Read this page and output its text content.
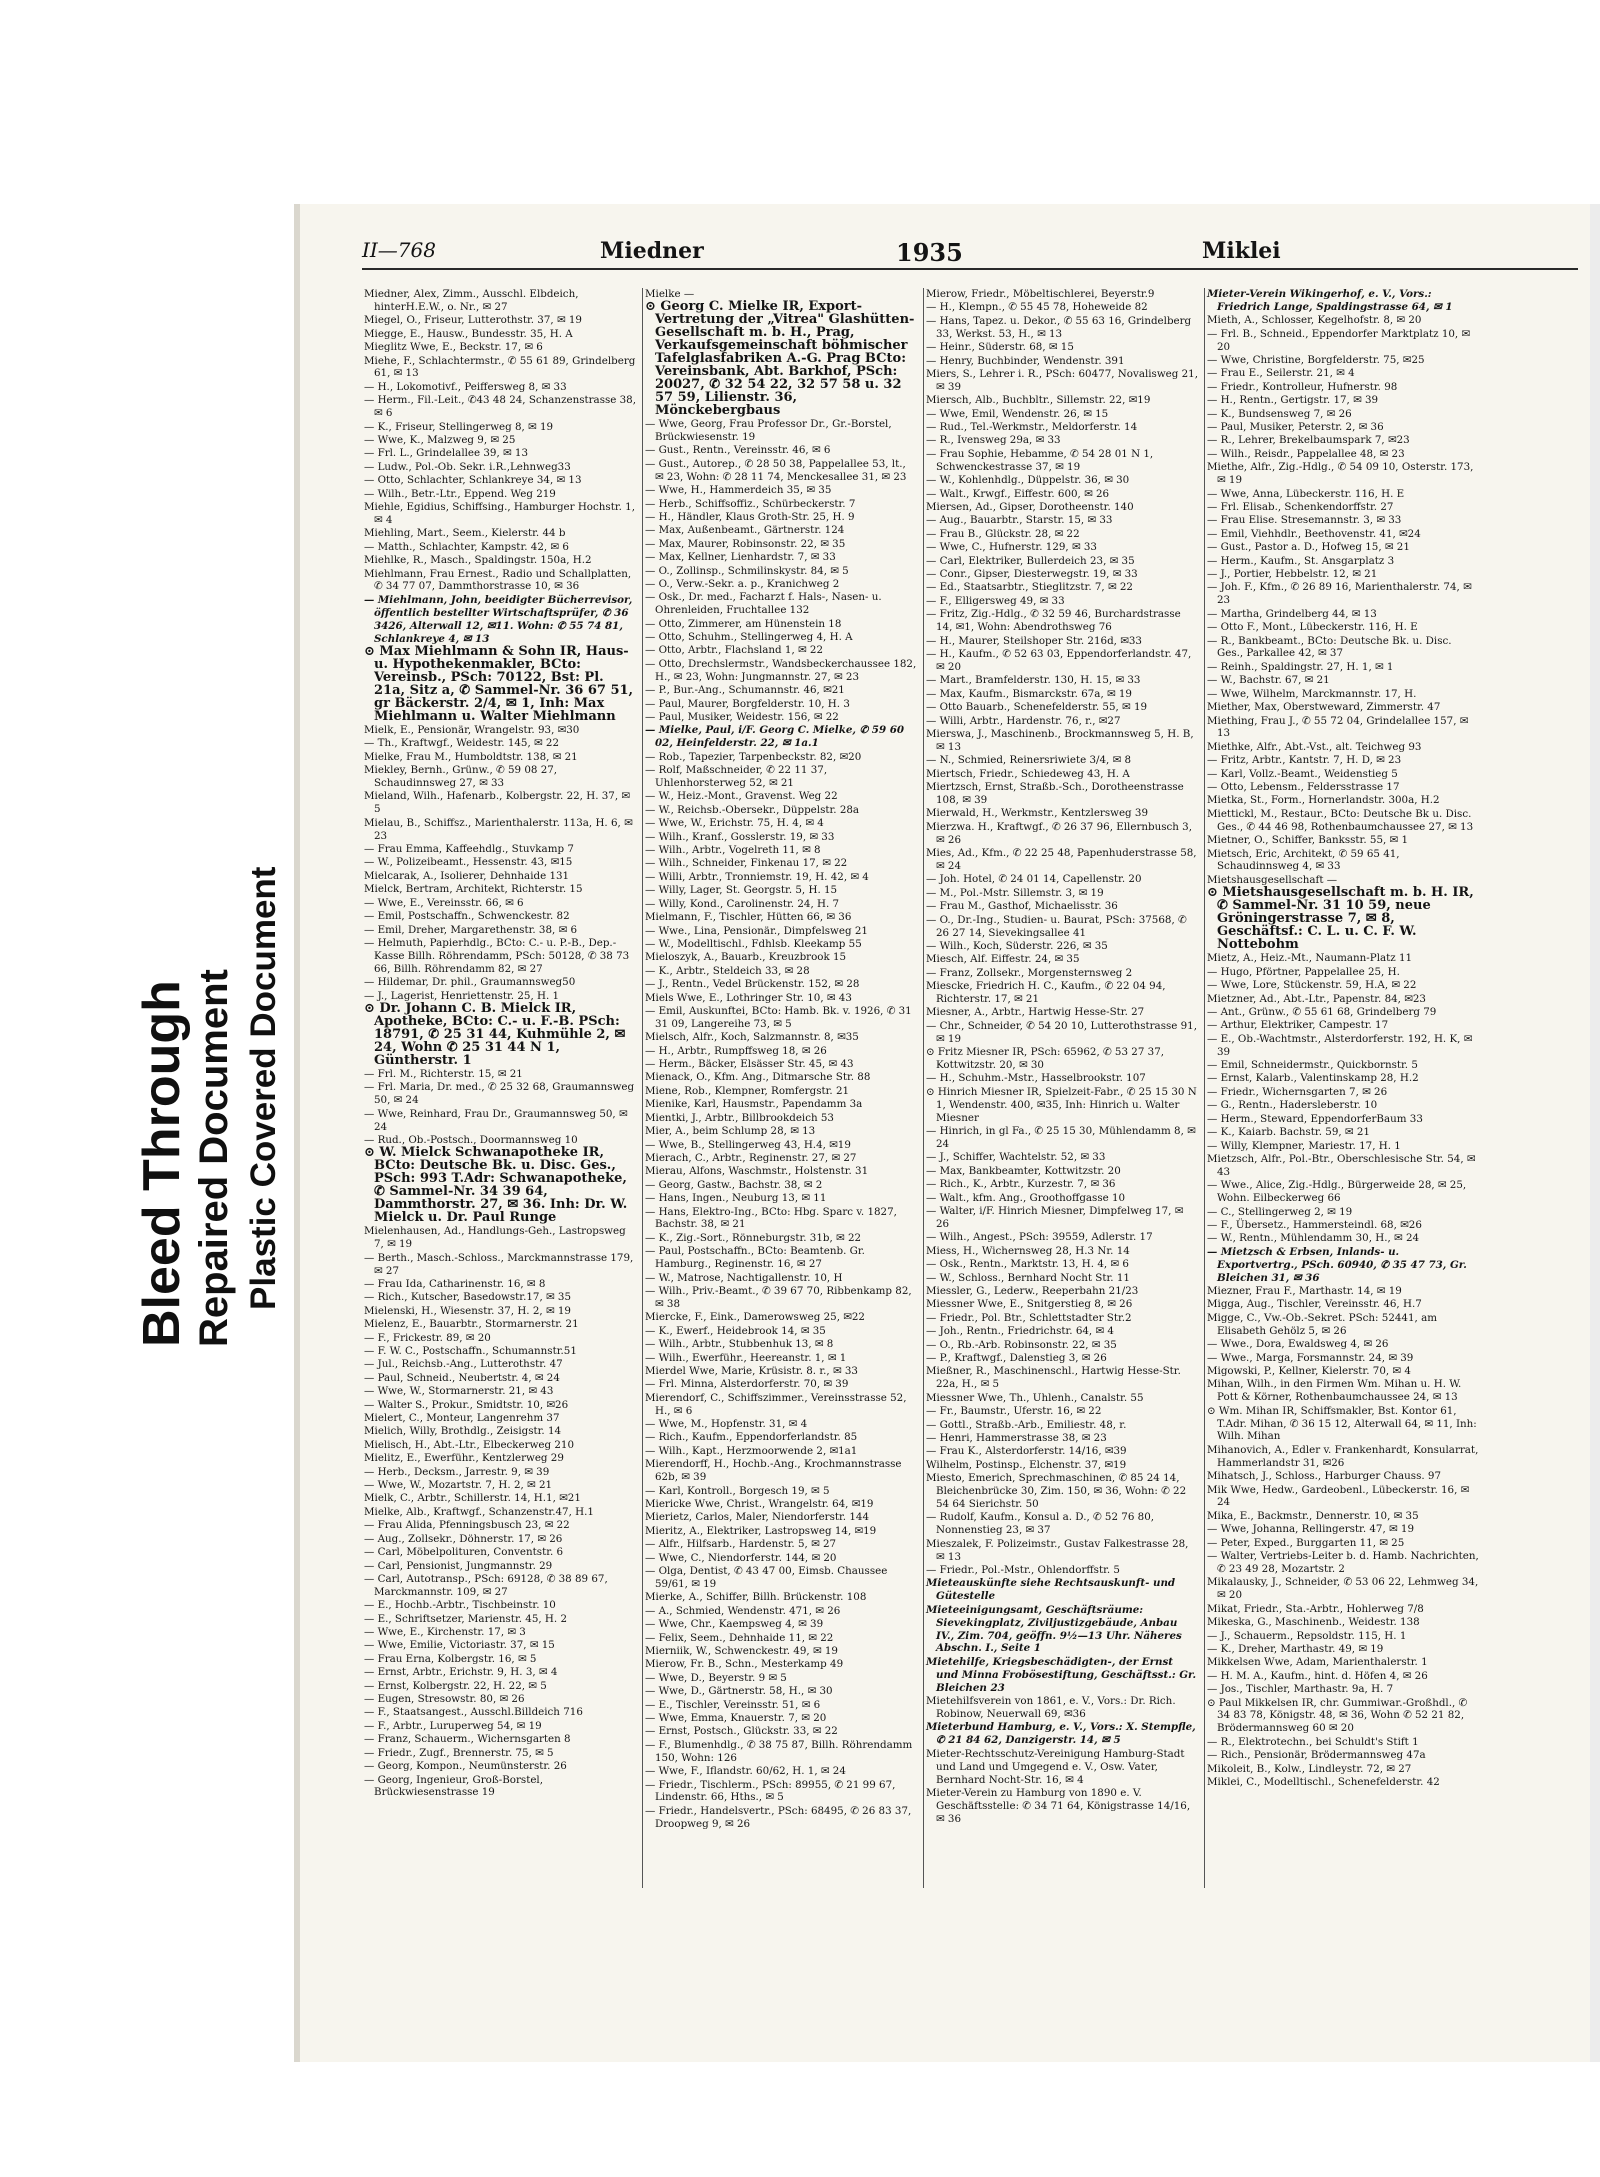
Bleed Through Repaired Document Plastic Covered Document
II—768	Miedner	1935	Miklei
Miedner, Alex, Zimm., Ausschl. Elbdeich, hinterH.E.W., o. Nr., ✉ 27
Miegel, O., Friseur, Lutterothstr. 37, ✉ 19
Miegge, E., Hausw., Bundesstr. 35, H. A
Mieglitz Wwe, E., Beckstr. 17, ✉ 6
Miehe, F., Schlachtermstr., ✆ 55 61 89, Grindelberg 61, ✉ 13
— H., Lokomotivf., Peiffersweg 8, ✉ 33
— Herm., Fil.-Leit., ✆43 48 24, Schanzenstrasse 38, ✉ 6
— K., Friseur, Stellingerweg 8, ✉ 19
— Wwe, K., Malzweg 9, ✉ 25
— Frl. L., Grindelallee 39, ✉ 13
— Ludw., Pol.-Ob. Sekr. i.R.,Lehnweg33
— Otto, Schlachter, Schlankreye 34, ✉ 13
— Wilh., Betr.-Ltr., Eppend. Weg 219
Miehle, Egidius, Schiffsing., Hamburger Hochstr. 1, ✉ 4
Miehling, Mart., Seem., Kielerstr. 44 b
— Matth., Schlachter, Kampstr. 42, ✉ 6
Miehlke, R., Masch., Spaldingstr. 150a, H.2
Miehlmann, Frau Ernest., Radio und Schallplatten, ✆ 34 77 07, Dammthorstrasse 10, ✉ 36
— Miehlmann, John, beeidigter Bücherrevisor, öffentlich bestellter Wirtschaftsprüfer, ✆ 36 3426, Alterwall 12, ✉11. Wohn: ✆ 55 74 81, Schlankreye 4, ✉ 13
⊙ Max Miehlmann & Sohn IR, Haus- u. Hypothekenmakler, BCto: Vereinsb., PSch: 70122, Bst: Pl. 21a, Sitz a, ✆ Sammel-Nr. 36 67 51, gr Bäckerstr. 2/4, ✉ 1, Inh: Max Miehlmann u. Walter Miehlmann
Mielk, E., Pensionär, Wrangelstr. 93, ✉30
— Th., Kraftwgf., Weidestr. 145, ✉ 22
Mielke, Frau M., Humboldtstr. 138, ✉ 21
Miekley, Bernh., Grünw., ✆ 59 08 27, Schaudinnsweg 27, ✉ 33
Mieland, Wilh., Hafenarb., Kolbergstr. 22, H. 37, ✉ 5
Mielau, B., Schiffsz., Marienthalerstr. 113a, H. 6, ✉ 23
— Frau Emma, Kaffeehdlg., Stuvkamp 7
— W., Polizeibeamt., Hessenstr. 43, ✉15
Mielcarak, A., Isolierer, Dehnhaide 131
Mielck, Bertram, Architekt, Richterstr. 15
— Wwe, E., Vereinsstr. 66, ✉ 6
— Emil, Postschaffn., Schwenckestr. 82
— Emil, Dreher, Margarethenstr. 38, ✉ 6
— Helmuth, Papierhdlg., BCto: C.- u. P.-B., Dep.-Kasse Billh. Röhrendamm, PSch: 50128, ✆ 38 73 66, Billh. Röhrendamm 82, ✉ 27
— Hildemar, Dr. phil., Graumannsweg50
— J., Lagerist, Henriettenstr. 25, H. 1
⊙ Dr. Johann C. B. Mielck IR, Apotheke, BCto: C.- u. F.-B. PSch: 18791, ✆ 25 31 44, Kuhmühle 2, ✉ 24, Wohn ✆ 25 31 44 N 1, Güntherstr. 1
— Frl. M., Richterstr. 15, ✉ 21
— Frl. Maria, Dr. med., ✆ 25 32 68, Graumannsweg 50, ✉ 24
— Wwe, Reinhard, Frau Dr., Graumannsweg 50, ✉ 24
— Rud., Ob.-Postsch., Doormannsweg 10
⊙ W. Mielck Schwanapotheke IR, BCto: Deutsche Bk. u. Disc. Ges., PSch: 993 T.Adr: Schwanapotheke, ✆ Sammel-Nr. 34 39 64, Dammthorstr. 27, ✉ 36. Inh: Dr. W. Mielck u. Dr. Paul Runge
Mielenhausen, Ad., Handlungs-Geh., Lastropsweg 7, ✉ 19
— Berth., Masch.-Schloss., Marckmannstrasse 179, ✉ 27
— Frau Ida, Catharinenstr. 16, ✉ 8
— Rich., Kutscher, Basedowstr.17, ✉ 35
Mielenski, H., Wiesenstr. 37, H. 2, ✉ 19
Mielenz, E., Bauarbtr., Stormarnerstr. 21
— F., Frickestr. 89, ✉ 20
— F. W. C., Postschaffn., Schumannstr.51
— Jul., Reichsb.-Ang., Lutterothstr. 47
— Paul, Schneid., Neubertstr. 4, ✉ 24
— Wwe, W., Stormarnerstr. 21, ✉ 43
— Walter S., Prokur., Smidtstr. 10, ✉26
Mielert, C., Monteur, Langenrehm 37
Mielich, Willy, Brothdlg., Zeisigstr. 14
Mielisch, H., Abt.-Ltr., Elbeckerweg 210
Mielitz, E., Ewerführ., Kentzlerweg 29
— Herb., Decksm., Jarrestr. 9, ✉ 39
— Wwe, W., Mozartstr. 7, H. 2, ✉ 21
Mielk, C., Arbtr., Schillerstr. 14, H.1, ✉21
Mielke, Alb., Kraftwgf., Schanzenstr.47, H.1
— Frau Alida, Pfenningsbusch 23, ✉ 22
— Aug., Zollsekr., Döhnerstr. 17, ✉ 26
— Carl, Möbelpolituren, Conventstr. 6
— Carl, Pensionist, Jungmannstr. 29
— Carl, Autotransp., PSch: 69128, ✆ 38 89 67, Marckmannstr. 109, ✉ 27
— E., Hochb.-Arbtr., Tischbeinstr. 10
— E., Schriftsetzer, Marienstr. 45, H. 2
— Wwe, E., Kirchenstr. 17, ✉ 3
— Wwe, Emilie, Victoriastr. 37, ✉ 15
— Frau Erna, Kolbergstr. 16, ✉ 5
— Ernst, Arbtr., Erichstr. 9, H. 3, ✉ 4
— Ernst, Kolbergstr. 22, H. 22, ✉ 5
— Eugen, Stresowstr. 80, ✉ 26
— F., Staatsangest., Ausschl.Billdeich 716
— F., Arbtr., Luruperweg 54, ✉ 19
— Franz, Schauerm., Wichernsgarten 8
— Friedr., Zugf., Brennerstr. 75, ✉ 5
— Georg, Kompon., Neumünsterstr. 26
— Georg, Ingenieur, Groß-Borstel, Brückwiesenstrasse 19
Mielke —
⊙ Georg C. Mielke IR, Export-Vertretung der „Vitrea" Glashütten-Gesellschaft m. b. H., Prag, Verkaufsgemeinschaft böhmischer Tafelglasfabriken A.-G. Prag BCto: Vereinsbank, Abt. Barkhof, PSch: 20027, ✆ 32 54 22, 32 57 58 u. 32 57 59, Lilienstr. 36, Mönckebergbaus
— Wwe, Georg, Frau Professor Dr., Gr.-Borstel, Brückwiesenstr. 19
— Gust., Rentn., Vereinsstr. 46, ✉ 6
— Gust., Autorep., ✆ 28 50 38, Pappelallee 53, lt., ✉ 23, Wohn: ✆ 28 11 74, Menckesallee 31, ✉ 23
— Wwe, H., Hammerdeich 35, ✉ 35
— Herb., Schiffsoffiz., Schürbeckerstr. 7
— H., Händler, Klaus Groth-Str. 25, H. 9
— Max, Außenbeamt., Gärtnerstr. 124
— Max, Maurer, Robinsonstr. 22, ✉ 35
— Max, Kellner, Lienhardstr. 7, ✉ 33
— O., Zollinsp., Schmilinskystr. 84, ✉ 5
— O., Verw.-Sekr. a. p., Kranichweg 2
— Osk., Dr. med., Facharzt f. Hals-, Nasen- u. Ohrenleiden, Fruchtallee 132
— Otto, Zimmerer, am Hünenstein 18
— Otto, Schuhm., Stellingerweg 4, H. A
— Otto, Arbtr., Flachsland 1, ✉ 22
— Otto, Drechslermstr., Wandsbeckerchaussee 182, H., ✉ 23, Wohn: Jungmannstr. 27, ✉ 23
— P., Bur.-Ang., Schumannstr. 46, ✉21
— Paul, Maurer, Borgfelderstr. 10, H. 3
— Paul, Musiker, Weidestr. 156, ✉ 22
— Mielke, Paul, i/F. Georg C. Mielke, ✆ 59 60 02, Heinfelderstr. 22, ✉ 1a.1
— Rob., Tapezier, Tarpenbeckstr. 82, ✉20
— Rolf, Maßschneider, ✆ 22 11 37, Uhlenhorsterweg 52, ✉ 21
— W., Heiz.-Mont., Gravenst. Weg 22
— W., Reichsb.-Obersekr., Düppelstr. 28a
— Wwe, W., Erichstr. 75, H. 4, ✉ 4
— Wilh., Kranf., Gosslerstr. 19, ✉ 33
— Wilh., Arbtr., Vogelreth 11, ✉ 8
— Wilh., Schneider, Finkenau 17, ✉ 22
— Willi, Arbtr., Tronniemstr. 19, H. 42, ✉ 4
— Willy, Lager, St. Georgstr. 5, H. 15
— Willy, Kond., Carolinenstr. 24, H. 7
Mielmann, F., Tischler, Hütten 66, ✉ 36
— Wwe., Lina, Pensionär., Dimpfelsweg 21
— W., Modelltischl., Fdhlsb. Kleekamp 55
Mieloszyk, A., Bauarb., Kreuzbrook 15
— K., Arbtr., Steldeich 33, ✉ 28
— J., Rentn., Vedel Brückenstr. 152, ✉ 28
Miels Wwe, E., Lothringer Str. 10, ✉ 43
— Emil, Auskunftei, BCto: Hamb. Bk. v. 1926, ✆ 31 31 09, Langereihe 73, ✉ 5
Mielsch, Alfr., Koch, Salzmannstr. 8, ✉35
— H., Arbtr., Rumpffsweg 18, ✉ 26
— Herm., Bäcker, Elsässer Str. 45, ✉ 43
Mienack, O., Kfm. Ang., Ditmarsche Str. 88
Miene, Rob., Klempner, Romfergstr. 21
Mienike, Karl, Hausmstr., Papendamm 3a
Mientki, J., Arbtr., Billbrookdeich 53
Mier, A., beim Schlump 28, ✉ 13
— Wwe, B., Stellingerweg 43, H.4, ✉19
Mierach, C., Arbtr., Reginenstr. 27, ✉ 27
Mierau, Alfons, Waschmstr., Holstenstr. 31
— Georg, Gastw., Bachstr. 38, ✉ 2
— Hans, Ingen., Neuburg 13, ✉ 11
— Hans, Elektro-Ing., BCto: Hbg. Sparc v. 1827, Bachstr. 38, ✉ 21
— K., Zig.-Sort., Rönneburgstr. 31b, ✉ 22
— Paul, Postschaffn., BCto: Beamtenb. Gr. Hamburg., Reginenstr. 16, ✉ 27
— W., Matrose, Nachtigallenstr. 10, H
— Wilh., Priv.-Beamt., ✆ 39 67 70, Ribbenkamp 82, ✉ 38
Miercke, F., Eink., Damerowsweg 25, ✉22
— K., Ewerf., Heidebrook 14, ✉ 35
— Wilh., Arbtr., Stubbenhuk 13, ✉ 8
— Wilh., Ewerführ., Heereanstr. 1, ✉ 1
Mierdel Wwe, Marie, Krüsistr. 8. r., ✉ 33
— Frl. Minna, Alsterdorferstr. 70, ✉ 39
Mierendorf, C., Schiffszimmer., Vereinsstrasse 52, H., ✉ 6
— Wwe, M., Hopfenstr. 31, ✉ 4
— Rich., Kaufm., Eppendorferlandstr. 85
— Wilh., Kapt., Herzmoorwende 2, ✉1a1
Mierendorff, H., Hochb.-Ang., Krochmannstrasse 62b, ✉ 39
— Karl, Kontroll., Borgesch 19, ✉ 5
Miericke Wwe, Christ., Wrangelstr. 64, ✉19
Mierietz, Carlos, Maler, Niendorferstr. 144
Mieritz, A., Elektriker, Lastropsweg 14, ✉19
— Alfr., Hilfsarb., Hardenstr. 5, ✉ 27
— Wwe, C., Niendorferstr. 144, ✉ 20
— Olga, Dentist, ✆ 43 47 00, Eimsb. Chaussee 59/61, ✉ 19
Mierke, A., Schiffer, Billh. Brückenstr. 108
— A., Schmied, Wendenstr. 471, ✉ 26
— Wwe, Chr., Kaempsweg 4, ✉ 39
— Felix, Seem., Dehnhaide 11, ✉ 22
Mierniik, W., Schwenckestr. 49, ✉ 19
Mierow, Fr. B., Schn., Mesterkamp 49
— Wwe, D., Beyerstr. 9 ✉ 5
— Wwe, D., Gärtnerstr. 58, H., ✉ 30
— E., Tischler, Vereinsstr. 51, ✉ 6
— Wwe, Emma, Knauerstr. 7, ✉ 20
— Ernst, Postsch., Glückstr. 33, ✉ 22
— F., Blumenhdlg., ✆ 38 75 87, Billh. Röhrendamm 150, Wohn: 126
— Wwe, F., Iflandstr. 60/62, H. 1, ✉ 24
— Friedr., Tischlerm., PSch: 89955, ✆ 21 99 67, Lindenstr. 66, Hths., ✉ 5
— Friedr., Handelsvertr., PSch: 68495, ✆ 26 83 37, Droopweg 9, ✉ 26
Mierow, Friedr., Möbeltischlerei, Beyerstr.9
— H., Klempn., ✆ 55 45 78, Hoheweide 82
— Hans, Tapez. u. Dekor., ✆ 55 63 16, Grindelberg 33, Werkst. 53, H., ✉ 13
— Heinr., Süderstr. 68, ✉ 15
— Henry, Buchbinder, Wendenstr. 391
Miers, S., Lehrer i. R., PSch: 60477, Novalisweg 21, ✉ 39
Miersch, Alb., Buchbltr., Sillemstr. 22, ✉19
— Wwe, Emil, Wendenstr. 26, ✉ 15
— Rud., Tel.-Werkmstr., Meldorferstr. 14
— R., Ivensweg 29a, ✉ 33
— Frau Sophie, Hebamme, ✆ 54 28 01 N 1, Schwenckestrasse 37, ✉ 19
— W., Kohlenhdlg., Düppelstr. 36, ✉ 30
— Walt., Krwgf., Eiffestr. 600, ✉ 26
Miersen, Ad., Gipser, Dorotheenstr. 140
— Aug., Bauarbtr., Starstr. 15, ✉ 33
— Frau B., Glückstr. 28, ✉ 22
— Wwe, C., Hufnerstr. 129, ✉ 33
— Carl, Elektriker, Bullerdeich 23, ✉ 35
— Conr., Gipser, Diesterwegstr. 19, ✉ 33
— Ed., Staatsarbtr., Stieglitzstr. 7, ✉ 22
— F., Elligersweg 49, ✉ 33
— Fritz, Zig.-Hdlg., ✆ 32 59 46, Burchardstrasse 14, ✉1, Wohn: Abendrothsweg 76
— H., Maurer, Steilshoper Str. 216d, ✉33
— H., Kaufm., ✆ 52 63 03, Eppendorferlandstr. 47, ✉ 20
— Mart., Bramfelderstr. 130, H. 15, ✉ 33
— Max, Kaufm., Bismarckstr. 67a, ✉ 19
— Otto Bauarb., Schenefelderstr. 55, ✉ 19
— Willi, Arbtr., Hardenstr. 76, r., ✉27
Mierswa, J., Maschinenb., Brockmannsweg 5, H. B, ✉ 13
— N., Schmied, Reinersriwiete 3/4, ✉ 8
Miertsch, Friedr., Schiedeweg 43, H. A
Miertzsch, Ernst, Straßb.-Sch., Dorotheenstrasse 108, ✉ 39
Mierwald, H., Werkmstr., Kentzlersweg 39
Mierzwa. H., Kraftwgf., ✆ 26 37 96, Ellernbusch 3, ✉ 26
Mies, Ad., Kfm., ✆ 22 25 48, Papenhuderstrasse 58, ✉ 24
— Joh. Hotel, ✆ 24 01 14, Capellenstr. 20
— M., Pol.-Mstr. Sillemstr. 3, ✉ 19
— Frau M., Gasthof, Michaelisstr. 36
— O., Dr.-Ing., Studien- u. Baurat, PSch: 37568, ✆ 26 27 14, Sievekingsallee 41
— Wilh., Koch, Süderstr. 226, ✉ 35
Miesch, Alf. Eiffestr. 24, ✉ 35
— Franz, Zollsekr., Morgensternsweg 2
Miescke, Friedrich H. C., Kaufm., ✆ 22 04 94, Richterstr. 17, ✉ 21
Miesner, A., Arbtr., Hartwig Hesse-Str. 27
— Chr., Schneider, ✆ 54 20 10, Lutterothstrasse 91, ✉ 19
⊙ Fritz Miesner IR, PSch: 65962, ✆ 53 27 37, Kottwitzstr. 20, ✉ 30
— H., Schuhm.-Mstr., Hasselbrookstr. 107
⊙ Hinrich Miesner IR, Spielzeit-Fabr., ✆ 25 15 30 N 1, Wendenstr. 400, ✉35, Inh: Hinrich u. Walter Miesner
— Hinrich, in gl Fa., ✆ 25 15 30, Mühlendamm 8, ✉ 24
— J., Schiffer, Wachtelstr. 52, ✉ 33
— Max, Bankbeamter, Kottwitzstr. 20
— Rich., K., Arbtr., Kurzestr. 7, ✉ 36
— Walt., kfm. Ang., Groothoffgasse 10
— Walter, i/F. Hinrich Miesner, Dimpfelweg 17, ✉ 26
— Wilh., Angest., PSch: 39559, Adlerstr. 17
Miess, H., Wichernsweg 28, H.3 Nr. 14
— Osk., Rentn., Marktstr. 13, H. 4, ✉ 6
— W., Schloss., Bernhard Nocht Str. 11
Miessler, G., Lederw., Reeperbahn 21/23
Miessner Wwe, E., Snitgerstieg 8, ✉ 26
— Friedr., Pol. Btr., Schlettstadter Str.2
— Joh., Rentn., Friedrichstr. 64, ✉ 4
— O., Rb.-Arb. Robinsonstr. 22, ✉ 35
— P., Kraftwgf., Dalenstieg 3, ✉ 26
Mießner, R., Maschinenschl., Hartwig Hesse-Str. 22a, H., ✉ 5
Miessner Wwe, Th., Uhlenh., Canalstr. 55
— Fr., Baumstr., Uferstr. 16, ✉ 22
— Gottl., Straßb.-Arb., Emiliestr. 48, r.
— Henri, Hammerstrasse 38, ✉ 23
— Frau K., Alsterdorferstr. 14/16, ✉39
Wilhelm, Postinsp., Elchenstr. 37, ✉19
Miesto, Emerich, Sprechmaschinen, ✆ 85 24 14, Bleichenbrücke 30, Zim. 150, ✉ 36, Wohn: ✆ 22 54 64 Sierichstr. 50
— Rudolf, Kaufm., Konsul a. D., ✆ 52 76 80, Nonnenstieg 23, ✉ 37
Mieszalek, F. Polizeimstr., Gustav Falkestrasse 28, ✉ 13
— Friedr., Pol.-Mstr., Ohlendorffstr. 5
Mieteauskünfte siehe Rechtsauskunft- und Gütestelle
Mieteeinigungsamt, Geschäftsräume: Sievekingplatz, Ziviljustizgebäude, Anbau IV., Zim. 704, geöffn. 9½—13 Uhr. Näheres Abschn. I., Seite 1
Mietehilfe, Kriegsbeschädigten-, der Ernst und Minna Frobösestiftung, Geschäftsst.: Gr. Bleichen 23
Mietehilfsverein von 1861, e. V., Vors.: Dr. Rich. Robinow, Neuerwall 69, ✉36
Mieterbund Hamburg, e. V., Vors.: X. Stempfle, ✆ 21 84 62, Danzigerstr. 14, ✉ 5
Mieter-Rechtsschutz-Vereinigung Hamburg-Stadt und Land und Umgegend e. V., Osw. Vater, Bernhard Nocht-Str. 16, ✉ 4
Mieter-Verein zu Hamburg von 1890 e. V. Geschäftsstelle: ✆ 34 71 64, Königstrasse 14/16, ✉ 36
Mieter-Verein Wikingerhof, e. V., Vors.: Friedrich Lange, Spaldingstrasse 64, ✉ 1
Mieth, A., Schlosser, Kegelhofstr. 8, ✉ 20
— Frl. B., Schneid., Eppendorfer Marktplatz 10, ✉ 20
— Wwe, Christine, Borgfelderstr. 75, ✉25
— Frau E., Seilerstr. 21, ✉ 4
— Friedr., Kontrolleur, Hufnerstr. 98
— H., Rentn., Gertigstr. 17, ✉ 39
— K., Bundsensweg 7, ✉ 26
— Paul, Musiker, Peterstr. 2, ✉ 36
— R., Lehrer, Brekelbaumspark 7, ✉23
— Wilh., Reisdr., Pappelallee 48, ✉ 23
Miethe, Alfr., Zig.-Hdlg., ✆ 54 09 10, Osterstr. 173, ✉ 19
— Wwe, Anna, Lübeckerstr. 116, H. E
— Frl. Elisab., Schenkendorffstr. 27
— Frau Elise. Stresemannstr. 3, ✉ 33
— Emil, Viehhdlr., Beethovenstr. 41, ✉24
— Gust., Pastor a. D., Hofweg 15, ✉ 21
— Herm., Kaufm., St. Ansgarplatz 3
— J., Portier, Hebbelstr. 12, ✉ 21
— Joh. F., Kfm., ✆ 26 89 16, Marienthalerstr. 74, ✉ 23
— Martha, Grindelberg 44, ✉ 13
— Otto F., Mont., Lübeckerstr. 116, H. E
— R., Bankbeamt., BCto: Deutsche Bk. u. Disc. Ges., Parkallee 42, ✉ 37
— Reinh., Spaldingstr. 27, H. 1, ✉ 1
— W., Bachstr. 67, ✉ 21
— Wwe, Wilhelm, Marckmannstr. 17, H.
Miether, Max, Oberstweward, Zimmerstr. 47
Miething, Frau J., ✆ 55 72 04, Grindelallee 157, ✉ 13
Miethke, Alfr., Abt.-Vst., alt. Teichweg 93
— Fritz, Arbtr., Kantstr. 7, H. D, ✉ 23
— Karl, Vollz.-Beamt., Weidenstieg 5
— Otto, Lebensm., Feldersstrasse 17
Mietka, St., Form., Hornerlandstr. 300a, H.2
Miettickl, M., Restaur., BCto: Deutsche Bk u. Disc. Ges., ✆ 44 46 98, Rothenbaumchaussee 27, ✉ 13
Mietner, O., Schiffer, Banksstr. 55, ✉ 1
Mietsch, Eric, Architekt, ✆ 59 65 41, Schaudinnsweg 4, ✉ 33
Mietshausgesellschaft —
⊙ Mietshausgesellschaft m. b. H. IR, ✆ Sammel-Nr. 31 10 59, neue Gröningerstrasse 7, ✉ 8, Geschäftsf.: C. L. u. C. F. W. Nottebohm
Mietz, A., Heiz.-Mt., Naumann-Platz 11
— Hugo, Pförtner, Pappelallee 25, H.
— Wwe, Lore, Stückenstr. 59, H.A, ✉ 22
Mietzner, Ad., Abt.-Ltr., Papenstr. 84, ✉23
— Ant., Grünw., ✆ 55 61 68, Grindelberg 79
— Arthur, Elektriker, Campestr. 17
— E., Ob.-Wachtmstr., Alsterdorferstr. 192, H. K, ✉ 39
— Emil, Schneidermstr., Quickbornstr. 5
— Ernst, Kalarb., Valentinskamp 28, H.2
— Friedr., Wichernsgarten 7, ✉ 26
— G., Rentn., Hadersleberstr. 10
— Herm., Steward, EppendorferBaum 33
— K., Kaiarb. Bachstr. 59, ✉ 21
— Willy, Klempner, Mariestr. 17, H. 1
Mietzsch, Alfr., Pol.-Btr., Oberschlesische Str. 54, ✉ 43
— Wwe., Alice, Zig.-Hdlg., Bürgerweide 28, ✉ 25, Wohn. Eilbeckerweg 66
— C., Stellingerweg 2, ✉ 19
— F., Übersetz., Hammersteindl. 68, ✉26
— W., Rentn., Mühlendamm 30, H., ✉ 24
— Mietzsch & Erbsen, Inlands- u. Exportvertrg., PSch. 60940, ✆ 35 47 73, Gr. Bleichen 31, ✉ 36
Miezner, Frau F., Marthastr. 14, ✉ 19
Migga, Aug., Tischler, Vereinsstr. 46, H.7
Migge, C., Vw.-Ob.-Sekret. PSch: 52441, am Elisabeth Gehölz 5, ✉ 26
— Wwe., Dora, Ewaldsweg 4, ✉ 26
— Wwe., Marga, Forsmannstr. 24, ✉ 39
Migowski, P., Kellner, Kielerstr. 70, ✉ 4
Mihan, Wilh., in den Firmen Wm. Mihan u. H. W. Pott & Körner, Rothenbaumchaussee 24, ✉ 13
⊙ Wm. Mihan IR, Schiffsmakler, Bst. Kontor 61, T.Adr. Mihan, ✆ 36 15 12, Alterwall 64, ✉ 11, Inh: Wilh. Mihan
Mihanovich, A., Edler v. Frankenhardt, Konsularrat, Hammerlandstr 31, ✉26
Mihatsch, J., Schloss., Harburger Chauss. 97
Mik Wwe, Hedw., Gardeobenl., Lübeckerstr. 16, ✉ 24
Mika, E., Backmstr., Dennerstr. 10, ✉ 35
— Wwe, Johanna, Rellingerstr. 47, ✉ 19
— Peter, Exped., Burggarten 11, ✉ 25
— Walter, Vertriebs-Leiter b. d. Hamb. Nachrichten, ✆ 23 49 28, Mozartstr. 2
Mikalausky, J., Schneider, ✆ 53 06 22, Lehmweg 34, ✉ 20
Mikat, Friedr., Sta.-Arbtr., Hohlerweg 7/8
Mikeska, G., Maschinenb., Weidestr. 138
— J., Schauerm., Repsoldstr. 115, H. 1
— K., Dreher, Marthastr. 49, ✉ 19
Mikkelsen Wwe, Adam, Marienthalerstr. 1
— H. M. A., Kaufm., hint. d. Höfen 4, ✉ 26
— Jos., Tischler, Marthastr. 9a, H. 7
⊙ Paul Mikkelsen IR, chr. Gummiwar.-Großhdl., ✆ 34 83 78, Königstr. 48, ✉ 36, Wohn ✆ 52 21 82, Brödermannsweg 60 ✉ 20
— R., Elektrotechn., bei Schuldt's Stift 1
— Rich., Pensionär, Brödermannsweg 47a
Mikoleit, B., Kolw., Lindleystr. 72, ✉ 27
Miklei, C., Modelltischl., Schenefelderstr. 42
